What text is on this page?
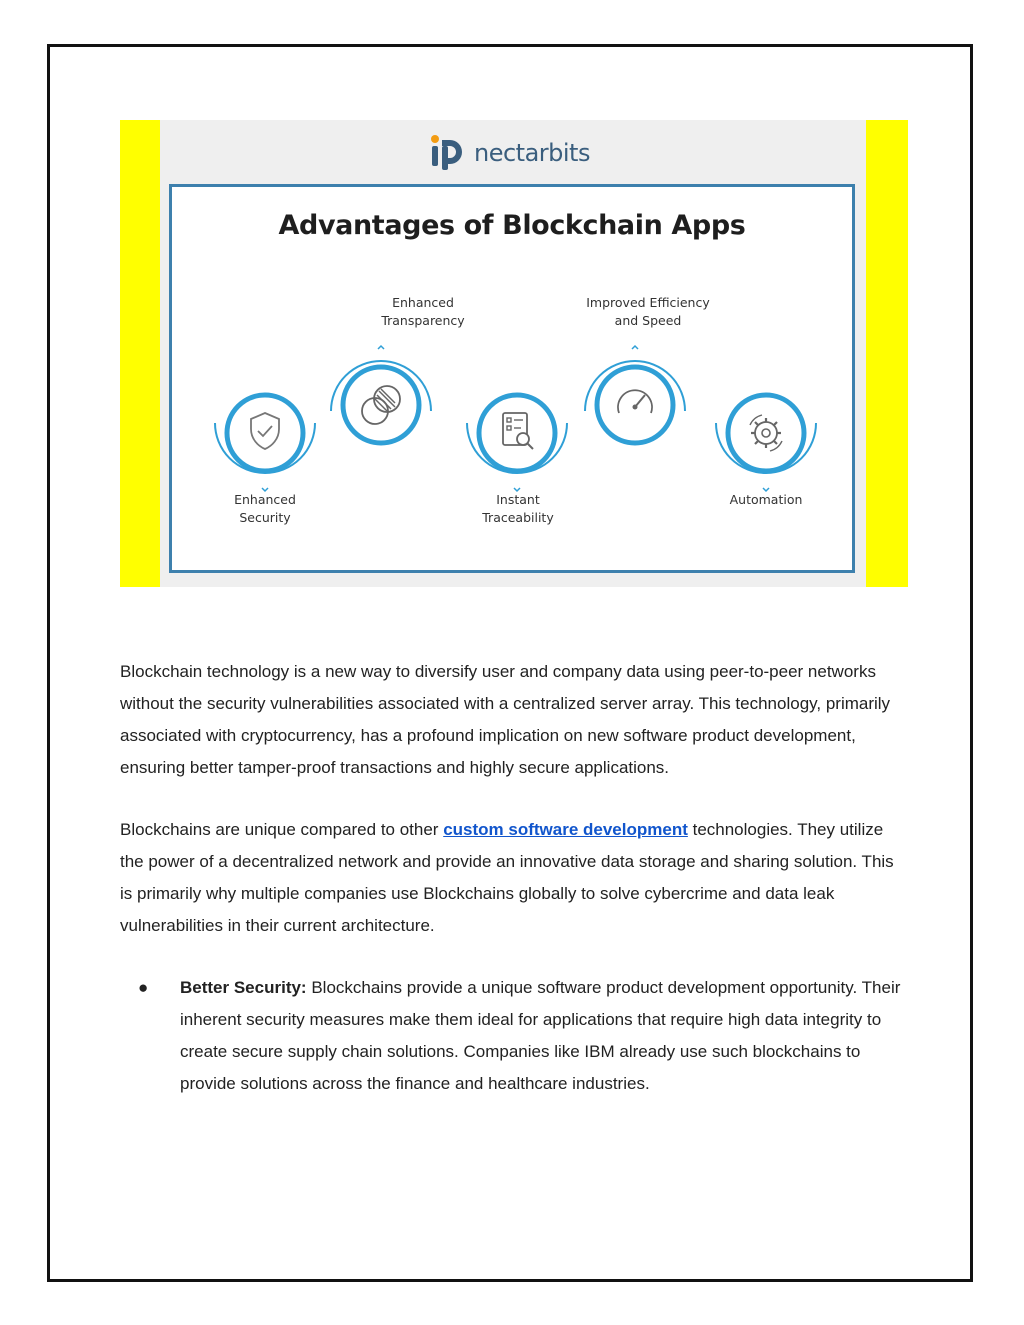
nectarbits
Advantages of Blockchain Apps
Enhanced
Transparency
Improved Efficiency
and Speed
Enhanced
Security
Instant
Traceability
Automation

Blockchain technology is a new way to diversify user and company data using peer-to-peer networks without the security vulnerabilities associated with a centralized server array. This technology, primarily associated with cryptocurrency, has a profound implication on new software product development, ensuring better tamper-proof transactions and highly secure applications.

Blockchains are unique compared to other custom software development technologies. They utilize the power of a decentralized network and provide an innovative data storage and sharing solution. This is primarily why multiple companies use Blockchains globally to solve cybercrime and data leak vulnerabilities in their current architecture.

● Better Security: Blockchains provide a unique software product development opportunity. Their inherent security measures make them ideal for applications that require high data integrity to create secure supply chain solutions. Companies like IBM already use such blockchains to provide solutions across the finance and healthcare industries.
